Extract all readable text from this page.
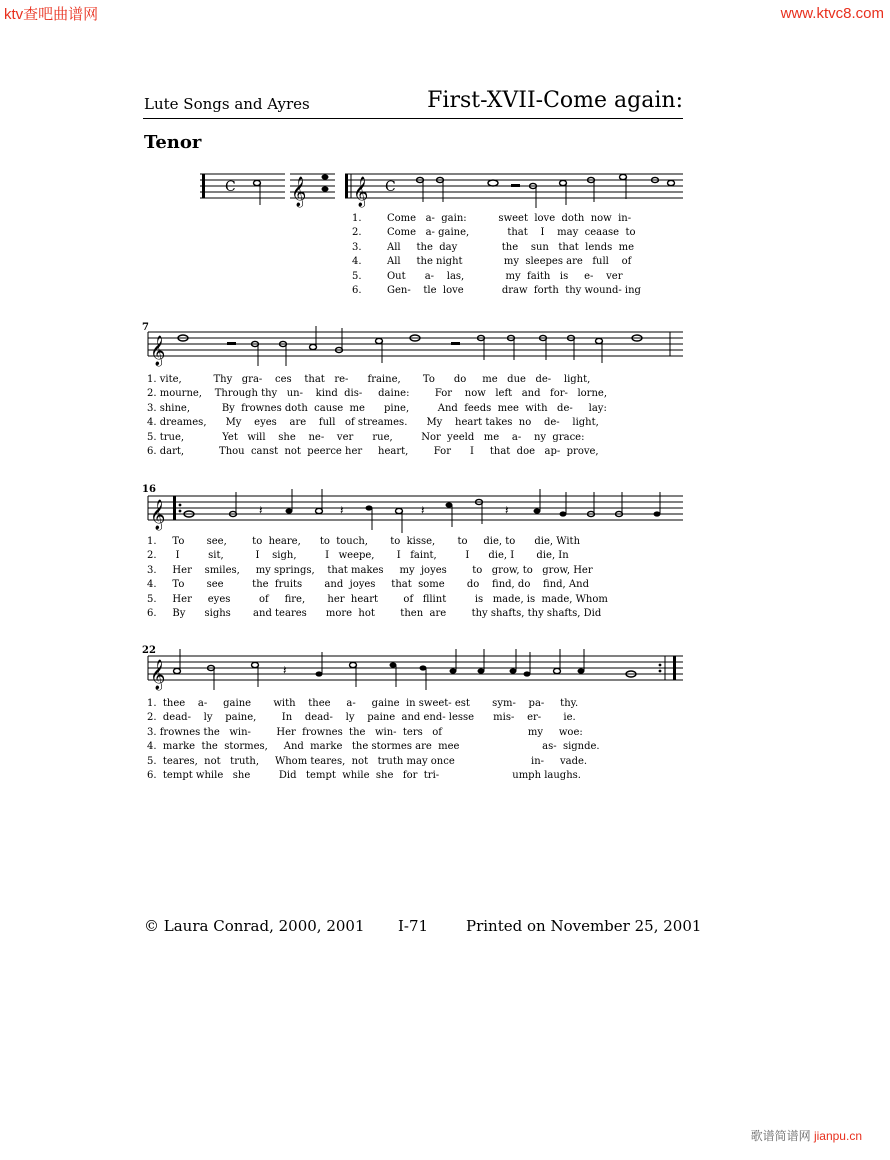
ktv查吧曲谱网	www.ktvc8.com
歌谱简谱网 jianpu.cn
Lute Songs and Ayres	First-XVII-Come again:
Tenor
C 𝄞 𝄞 C
1.        Come   a-  gain:          sweet  love  doth  now  in-
2.        Come   a- gaine,            that    I    may  ceaase  to
3.        All     the  day              the    sun   that  lends  me
4.        All     the night             my  sleepes are   full    of
5.        Out      a-    las,             my  faith   is     e-    ver
6.        Gen-    tle  love            draw  forth  thy wound- ing
7
𝄞
1. vite,          Thy   gra-    ces    that   re-      fraine,       To      do     me   due   de-    light,
2. mourne,    Through thy   un-    kind  dis-     daine:        For    now   left   and   for-   lorne,
3. shine,          By  frownes doth  cause  me      pine,         And  feeds  mee  with   de-     lay:
4. dreames,      My    eyes    are    full   of streames.      My    heart takes  no    de-    light,
5. true,            Yet   will    she    ne-    ver      rue,         Nor  yeeld   me    a-    ny  grace:
6. dart,           Thou  canst  not  peerce her     heart,        For      I     that  doe   ap-  prove,
16
𝄞	𝄽	𝄽	𝄽	𝄽
1.     To       see,        to  heare,      to  touch,       to  kisse,       to     die, to      die, With
2.      I         sit,          I    sigh,         I   weepe,       I   faint,         I      die, I       die, In
3.     Her    smiles,     my springs,    that makes     my  joyes        to   grow, to   grow, Her
4.     To       see         the  fruits       and  joyes     that  some       do    find, do    find, And
5.     Her     eyes         of     fire,       her  heart        of   fllint         is   made, is  made, Whom
6.     By      sighs       and teares      more  hot        then  are        thy shafts, thy shafts, Did
22
𝄞	𝄽
1.  thee    a-     gaine       with    thee     a-     gaine  in sweet- est       sym-    pa-     thy.
2.  dead-    ly    paine,        In    dead-    ly    paine  and end- lesse      mis-    er-       ie.
3. frownes the   win-        Her  frownes  the   win-  ters   of                           my     woe:
4.  marke  the  stormes,     And  marke   the stormes are  mee                          as-  signde.
5.  teares,  not   truth,     Whom teares,  not   truth may once                        in-     vade.
6.  tempt while   she         Did   tempt  while  she   for  tri-                       umph laughs.
© Laura Conrad, 2000, 2001 I-71	Printed on November 25, 2001
